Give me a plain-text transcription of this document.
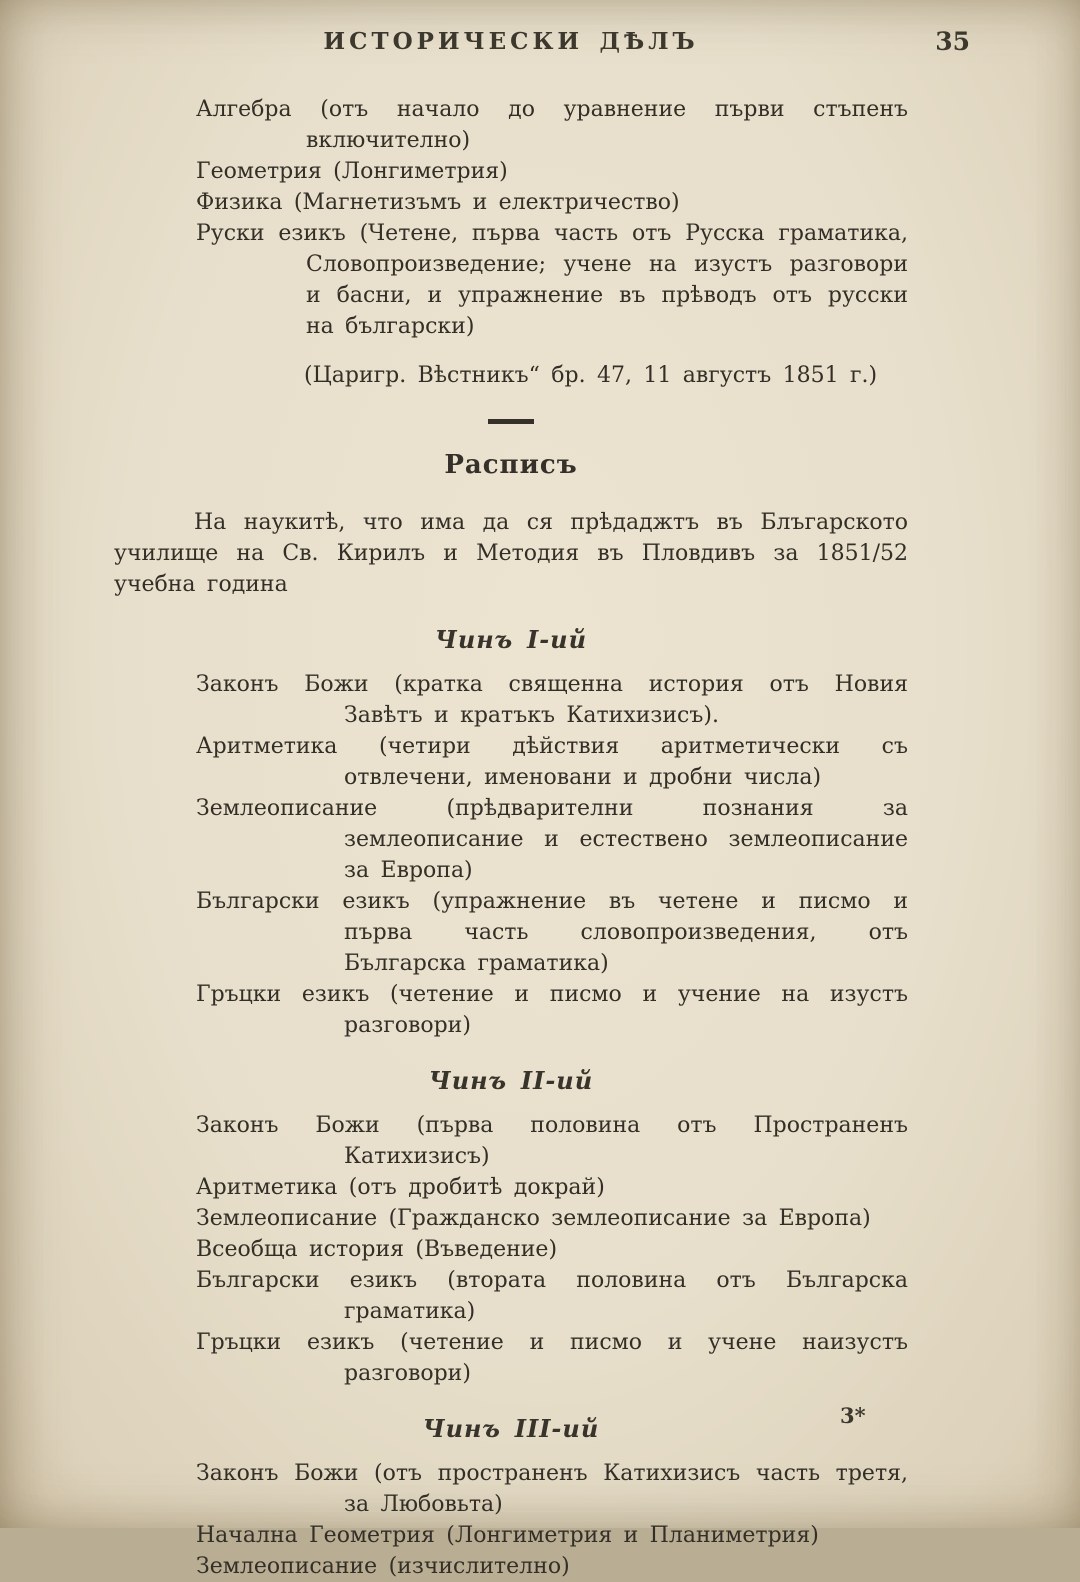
ИСТОРИЧЕСКИ ДѢЛЪ	35

Алгебра (отъ начало до уравнение първи стъпенъ включително)

Геометрия (Лонгиметрия)

Физика (Магнетизъмъ и електричество)

Руски езикъ (Четене, първа часть отъ Русска граматика, Словопроизведение; учене на изустъ разговори и басни, и упражнение въ прѣводъ отъ русски на български)

(Царигр. Вѣстникъ“ бр. 47, 11 августъ 1851 г.)

Расписъ

На наукитѣ, что има да ся прѣдаджтъ въ Блъгарското училище на Св. Кирилъ и Методия въ Пловдивъ за 1851/52 учебна година

Чинъ I-ий

Законъ Божи (кратка священна история отъ Новия Завѣтъ и кратъкъ Катихизисъ).

Аритметика (четири дѣйствия аритметически съ отвлечени, именовани и дробни числа)

Землеописание (прѣдварителни познания за землеописание и естествено землеописание за Европа)

Български езикъ (упражнение въ четене и писмо и първа часть словопроизведения, отъ Българска граматика)

Гръцки езикъ (четение и писмо и учение на изустъ разговори)

Чинъ II-ий

Законъ Божи (първа половина отъ Пространенъ Катихизисъ)

Аритметика (отъ дробитѣ докрай)

Землеописание (Гражданско землеописание за Европа)

Всеобща история (Въведение)

Български езикъ (втората половина отъ Българска граматика)

Гръцки езикъ (четение и писмо и учене наизустъ разговори)

Чинъ III-ий

Законъ Божи (отъ пространенъ Катихизисъ часть третя, за Любовьта)

Начална Геометрия (Лонгиметрия и Планиметрия)

Землеописание (изчислително)

3*
